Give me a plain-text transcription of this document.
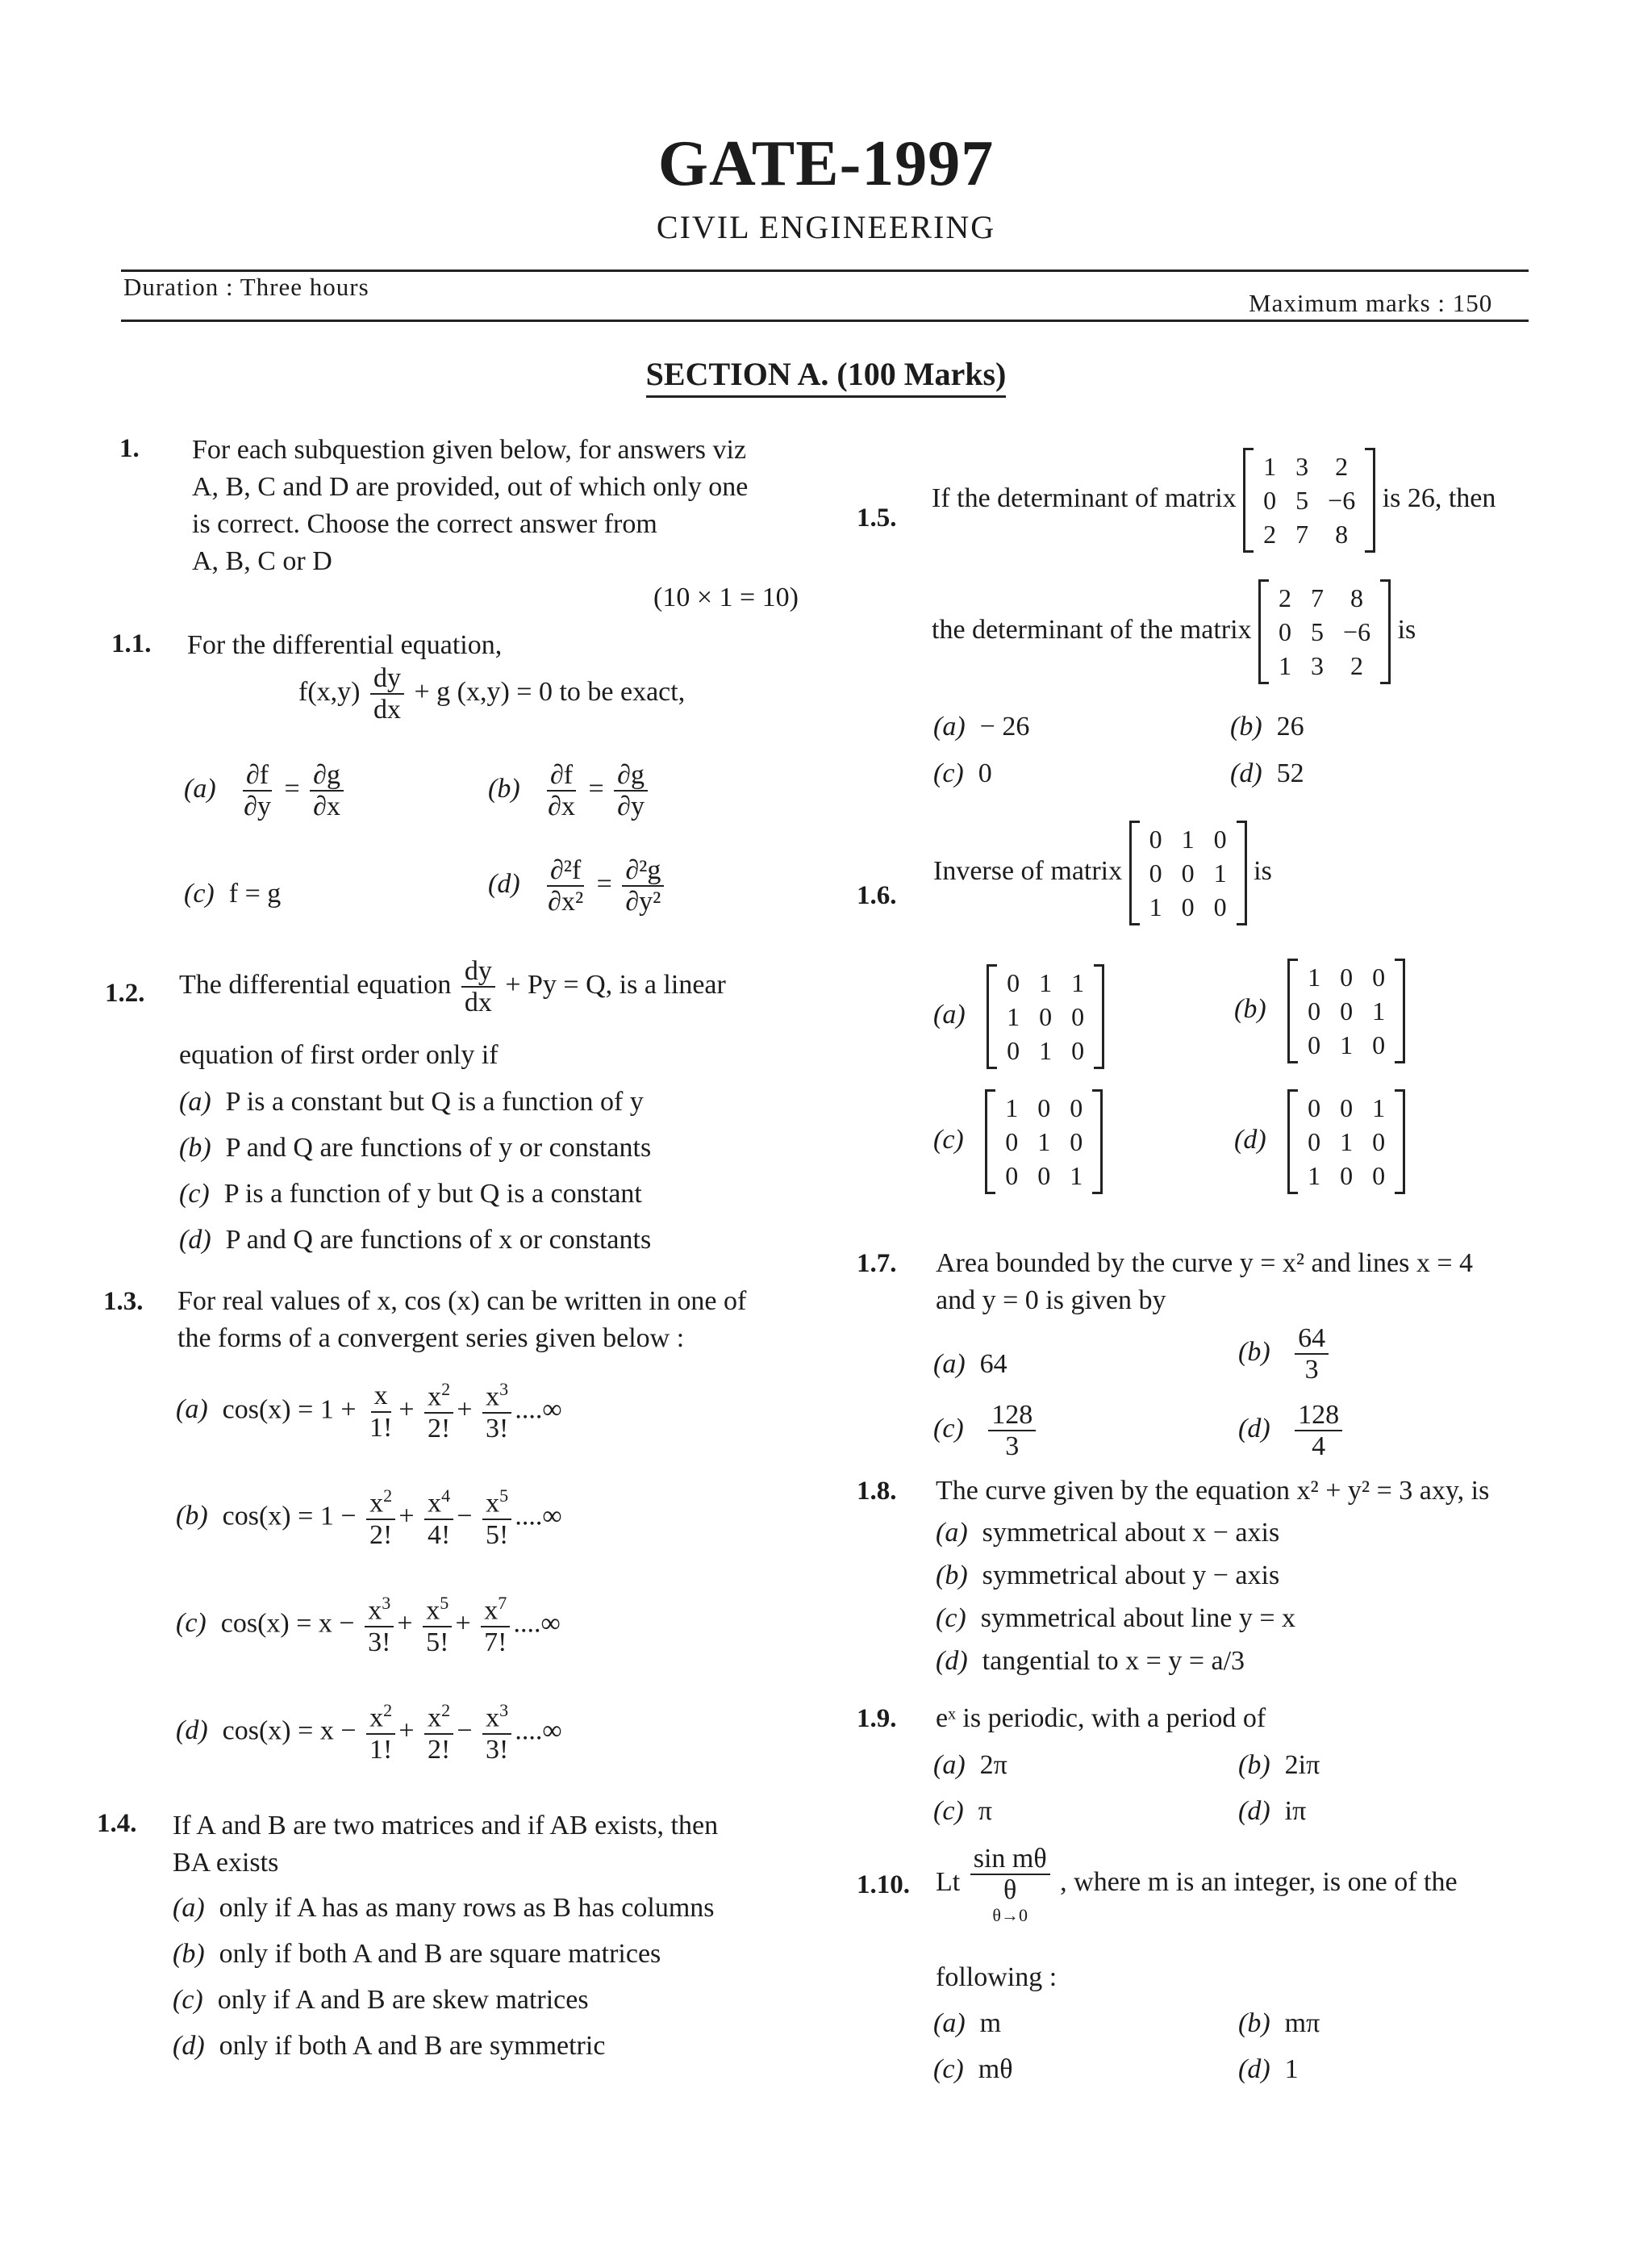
GATE-1997
CIVIL ENGINEERING
Duration : Three hours
Maximum marks : 150
SECTION A. (100 Marks)
1. For each subquestion given below, for answers viz
A, B, C and D are provided, out of which only one
is correct. Choose the correct answer from
A, B, C or D
(10 × 1 = 10)
1.1. For the differential equation,
$f(x,y) \frac{dy}{dx} + g$ (x,y) = 0 to be exact,
$(a) \frac{\partial f}{\partial y} = \frac{\partial g}{\partial x}$	$(b) \frac{\partial f}{\partial x} = \frac{\partial g}{\partial y}$
(c) f = g	$(d) \frac{\text{∂²f}}{\text{∂x²}} = \frac{\text{∂²g}}{\text{∂y²}}$
1.2. The differential equation $\frac{dy}{dx} + Py = Q$, is a linear
equation of first order only if
(a) P is a constant but Q is a function of y
(b) P and Q are functions of y or constants
(c) P is a function of y but Q is a constant
(d) P and Q are functions of x or constants
1.3. For real values of x, cos (x) can be written in one of
the forms of a convergent series given below :
(a) $\cos(x) = 1 + \frac{x}{1!} + \frac{x^2}{2!} + \frac{x^3}{3!}$ ....∞
(b) $\cos(x) = 1 - \frac{x^2}{2!} + \frac{x^4}{4!} - \frac{x^5}{5!}$ ....∞
(c) $\cos(x) = x - \frac{x^3}{3!} + \frac{x^5}{5!} + \frac{x^7}{7!}$ ....∞
(d) $\cos(x) = x - \frac{x^2}{1!} + \frac{x^2}{2!} - \frac{x^3}{3!}$ ....∞
1.4. If A and B are two matrices and if AB exists, then
BA exists
(a) only if A has as many rows as B has columns
(b) only if both A and B are square matrices
(c) only if A and B are skew matrices
(d) only if both A and B are symmetric
1.5.
If the determinant of matrix
1	3	2
0	5	−6
2	7	8
is 26, then
the determinant of the matrix
2	7	8
0	5	−6
1	3	2
is
(a) − 26	(b) 26
(c) 0	(d) 52
1.6.
Inverse of matrix
0	1	0
0	0	1
1	0	0
is
(a)
0	1	1
1	0	0
0	1	0
(b)
1	0	0
0	0	1
0	1	0
(c)
1	0	0
0	1	0
0	0	1
(d)
0	0	1
0	1	0
1	0	0
1.7. Area bounded by the curve y = x² and lines x = 4
and y = 0 is given by
(a) 64	$(b) \frac{64}{3}$
$(c) \frac{128}{3}$	$(d) \frac{128}{4}$
1.8. The curve given by the equation x² + y² = 3 axy, is
(a) symmetrical about x − axis
(b) symmetrical about y − axis
(c) symmetrical about line y = x
(d) tangential to x = y = a/3
1.9. eˣ is periodic, with a period of
(a) 2π	(b) 2iπ
(c) π	(d) iπ
1.10. Lt
sin mθ
θ
θ→0
, where m is an integer, is one of the
following :
(a) m	(b) mπ
(c) mθ	(d) 1
